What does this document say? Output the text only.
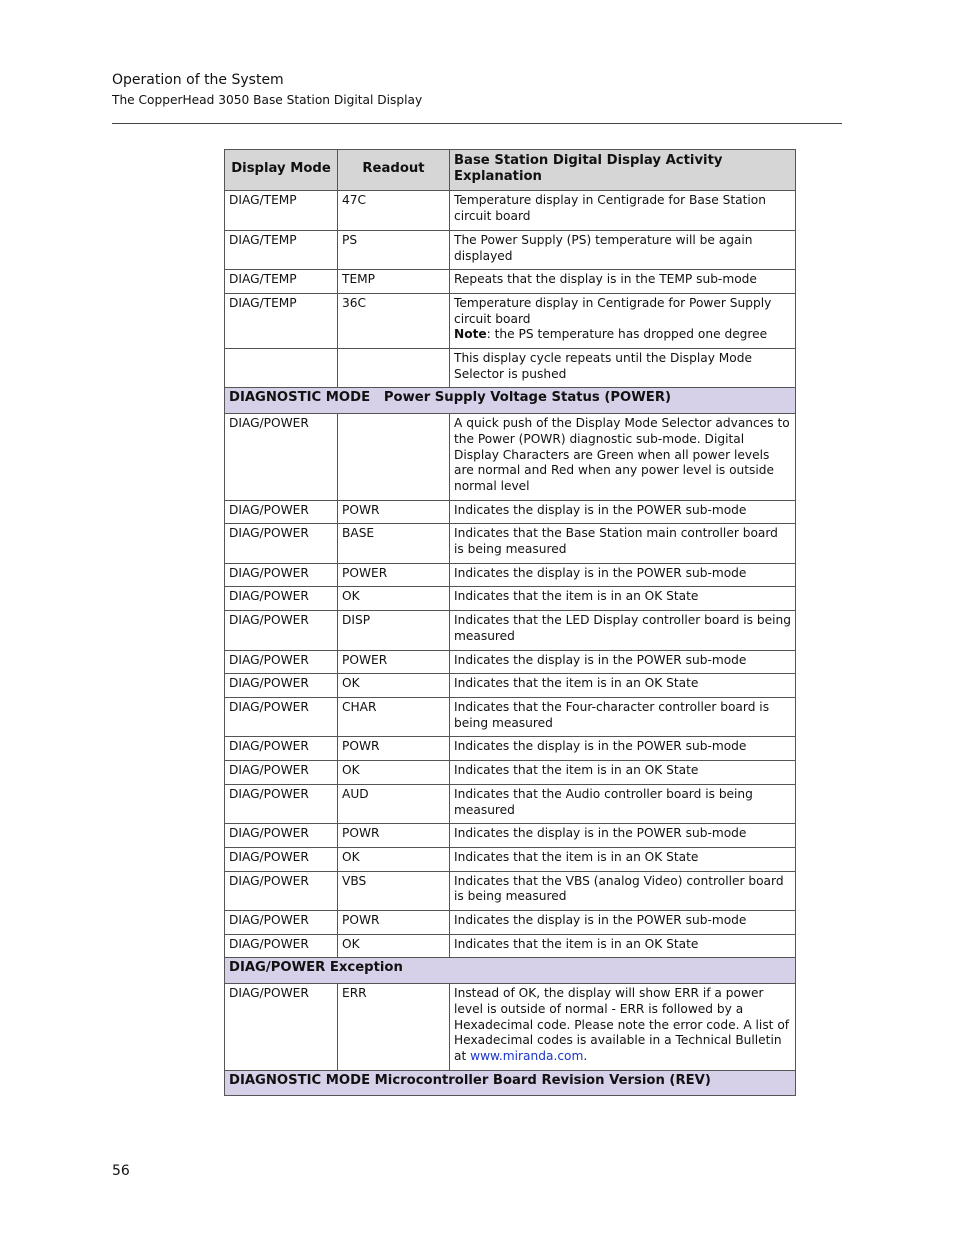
Operation of the System
The CopperHead 3050 Base Station Digital Display
Display Mode	Readout	Base Station Digital Display Activity Explanation
DIAG/TEMP	47C	Temperature display in Centigrade for Base Station circuit board
DIAG/TEMP	PS	The Power Supply (PS) temperature will be again displayed
DIAG/TEMP	TEMP	Repeats that the display is in the TEMP sub-mode
DIAG/TEMP	36C	Temperature display in Centigrade for Power Supply circuit board
Note: the PS temperature has dropped one degree
		This display cycle repeats until the Display Mode Selector is pushed
DIAGNOSTIC MODE   Power Supply Voltage Status (POWER)		
DIAG/POWER		A quick push of the Display Mode Selector advances to the Power (POWR) diagnostic sub-mode. Digital Display Characters are Green when all power levels are normal and Red when any power level is outside normal level
DIAG/POWER	POWR	Indicates the display is in the POWER sub-mode
DIAG/POWER	BASE	Indicates that the Base Station main controller board is being measured
DIAG/POWER	POWER	Indicates the display is in the POWER sub-mode
DIAG/POWER	OK	Indicates that the item is in an OK State
DIAG/POWER	DISP	Indicates that the LED Display controller board is being measured
DIAG/POWER	POWER	Indicates the display is in the POWER sub-mode
DIAG/POWER	OK	Indicates that the item is in an OK State
DIAG/POWER	CHAR	Indicates that the Four-character controller board is being measured
DIAG/POWER	POWR	Indicates the display is in the POWER sub-mode
DIAG/POWER	OK	Indicates that the item is in an OK State
DIAG/POWER	AUD	Indicates that the Audio controller board is being measured
DIAG/POWER	POWR	Indicates the display is in the POWER sub-mode
DIAG/POWER	OK	Indicates that the item is in an OK State
DIAG/POWER	VBS	Indicates that the VBS (analog Video) controller board is being measured
DIAG/POWER	POWR	Indicates the display is in the POWER sub-mode
DIAG/POWER	OK	Indicates that the item is in an OK State
DIAG/POWER Exception		
DIAG/POWER	ERR	Instead of OK, the display will show ERR if a power level is outside of normal - ERR is followed by a Hexadecimal code. Please note the error code. A list of Hexadecimal codes is available in a Technical Bulletin at www.miranda.com.
DIAGNOSTIC MODE Microcontroller Board Revision Version (REV)		
56
